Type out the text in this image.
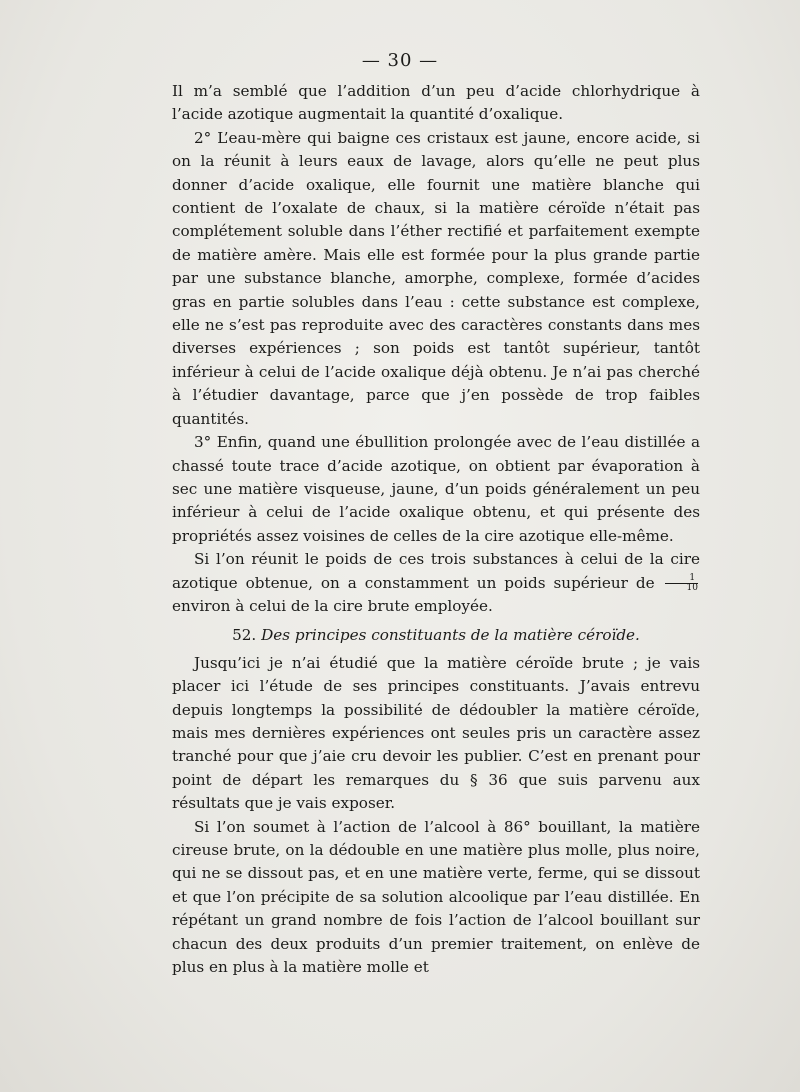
— 30 —

Il m’a semblé que l’addition d’un peu d’acide chlorhydrique à l’acide azotique augmentait la quantité d’oxalique.

2° L’eau-mère qui baigne ces cristaux est jaune, encore acide, si on la réunit à leurs eaux de lavage, alors qu’elle ne peut plus donner d’acide oxalique, elle fournit une matière blanche qui contient de l’oxalate de chaux, si la matière céroïde n’était pas complétement soluble dans l’éther rectifié et parfaitement exempte de matière amère. Mais elle est formée pour la plus grande partie par une substance blanche, amorphe, complexe, formée d’acides gras en partie solubles dans l’eau : cette substance est complexe, elle ne s’est pas reproduite avec des caractères constants dans mes diverses expériences ; son poids est tantôt supérieur, tantôt inférieur à celui de l’acide oxalique déjà obtenu. Je n’ai pas cherché à l’étudier davantage, parce que j’en possède de trop faibles quantités.

3° Enfin, quand une ébullition prolongée avec de l’eau distillée a chassé toute trace d’acide azotique, on obtient par évaporation à sec une matière visqueuse, jaune, d’un poids généralement un peu inférieur à celui de l’acide oxalique obtenu, et qui présente des propriétés assez voisines de celles de la cire azotique elle-même.

Si l’on réunit le poids de ces trois substances à celui de la cire azotique obtenue, on a constamment un poids supérieur de $\frac{1}{10}$
environ à celui de la cire brute employée.

52. Des principes constituants de la matière céroïde.

Jusqu’ici je n’ai étudié que la matière céroïde brute ; je vais placer ici l’étude de ses principes constituants. J’avais entrevu depuis longtemps la possibilité de dédoubler la matière céroïde, mais mes dernières expériences ont seules pris un caractère assez tranché pour que j’aie cru devoir les publier. C’est en prenant pour point de départ les remarques du § 36 que suis parvenu aux résultats que je vais exposer.

Si l’on soumet à l’action de l’alcool à 86° bouillant, la matière cireuse brute, on la dédouble en une matière plus molle, plus noire, qui ne se dissout pas, et en une matière verte, ferme, qui se dissout et que l’on précipite de sa solution alcoolique par l’eau distillée. En répétant un grand nombre de fois l’action de l’alcool bouillant sur chacun des deux produits d’un premier traitement, on enlève de plus en plus à la matière molle et
